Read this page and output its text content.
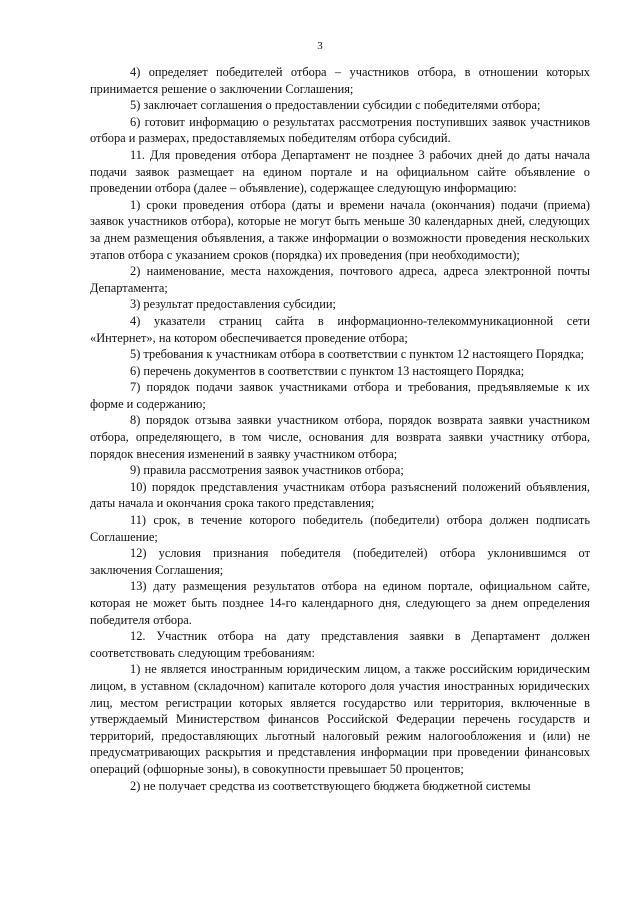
3

4) определяет победителей отбора – участников отбора, в отношении которых принимается решение о заключении Соглашения;

5) заключает соглашения о предоставлении субсидии с победителями отбора;

6) готовит информацию о результатах рассмотрения поступивших заявок участников отбора и размерах, предоставляемых победителям отбора субсидий.

11. Для проведения отбора Департамент не позднее 3 рабочих дней до даты начала подачи заявок размещает на едином портале и на официальном сайте объявление о проведении отбора (далее – объявление), содержащее следующую информацию:

1) сроки проведения отбора (даты и времени начала (окончания) подачи (приема) заявок участников отбора), которые не могут быть меньше 30 календарных дней, следующих за днем размещения объявления, а также информации о возможности проведения нескольких этапов отбора с указанием сроков (порядка) их проведения (при необходимости);

2) наименование, места нахождения, почтового адреса, адреса электронной почты Департамента;

3) результат предоставления субсидии;

4) указатели страниц сайта в информационно-телекоммуникационной сети «Интернет», на котором обеспечивается проведение отбора;

5) требования к участникам отбора в соответствии с пунктом 12 настоящего Порядка;

6) перечень документов в соответствии с пунктом 13 настоящего Порядка;

7) порядок подачи заявок участниками отбора и требования, предъявляемые к их форме и содержанию;

8) порядок отзыва заявки участником отбора, порядок возврата заявки участником отбора, определяющего, в том числе, основания для возврата заявки участнику отбора, порядок внесения изменений в заявку участником отбора;

9) правила рассмотрения заявок участников отбора;

10) порядок представления участникам отбора разъяснений положений объявления, даты начала и окончания срока такого представления;

11) срок, в течение которого победитель (победители) отбора должен подписать Соглашение;

12) условия признания победителя (победителей) отбора уклонившимся от заключения Соглашения;

13) дату размещения результатов отбора на едином портале, официальном сайте, которая не может быть позднее 14-го календарного дня, следующего за днем определения победителя отбора.

12. Участник отбора на дату представления заявки в Департамент должен соответствовать следующим требованиям:

1) не является иностранным юридическим лицом, а также российским юридическим лицом, в уставном (складочном) капитале которого доля участия иностранных юридических лиц, местом регистрации которых является государство или территория, включенные в утверждаемый Министерством финансов Российской Федерации перечень государств и территорий, предоставляющих льготный налоговый режим налогообложения и (или) не предусматривающих раскрытия и представления информации при проведении финансовых операций (офшорные зоны), в совокупности превышает 50 процентов;

2) не получает средства из соответствующего бюджета бюджетной системы
